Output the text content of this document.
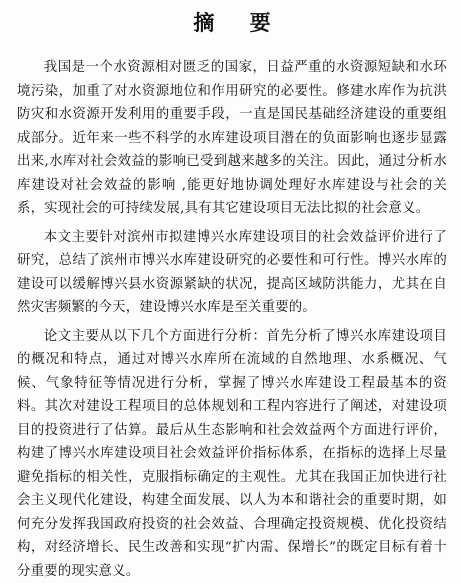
摘 要

我国是一个水资源相对匮乏的国家，日益严重的水资源短缺和水环境污染，加重了对水资源地位和作用研究的必要性。修建水库作为抗洪防灾和水资源开发利用的重要手段，一直是国民基础经济建设的重要组成部分。近年来一些不科学的水库建设项目潜在的负面影响也逐步显露出来,水库对社会效益的影响已受到越来越多的关注。因此，通过分析水库建设对社会效益的影响 ,能更好地协调处理好水库建设与社会的关系，实现社会的可持续发展,具有其它建设项目无法比拟的社会意义。

本文主要针对滨州市拟建博兴水库建设项目的社会效益评价进行了研究，总结了滨州市博兴水库建设研究的必要性和可行性。博兴水库的建设可以缓解博兴县水资源紧缺的状况，提高区域防洪能力，尤其在自然灾害频繁的今天，建设博兴水库是至关重要的。

论文主要从以下几个方面进行分析：首先分析了博兴水库建设项目的概况和特点，通过对博兴水库所在流域的自然地理、水系概况、气候、气象特征等情况进行分析，掌握了博兴水库建设工程最基本的资料。其次对建设工程项目的总体规划和工程内容进行了阐述，对建设项目的投资进行了估算。最后从生态影响和社会效益两个方面进行评价，构建了博兴水库建设项目社会效益评价指标体系，在指标的选择上尽量避免指标的相关性，克服指标确定的主观性。尤其在我国正加快进行社会主义现代化建设，构建全面发展、以人为本和谐社会的重要时期，如何充分发挥我国政府投资的社会效益、合理确定投资规模、优化投资结构，对经济增长、民生改善和实现“扩内需、保增长”的既定目标有着十分重要的现实意义。
